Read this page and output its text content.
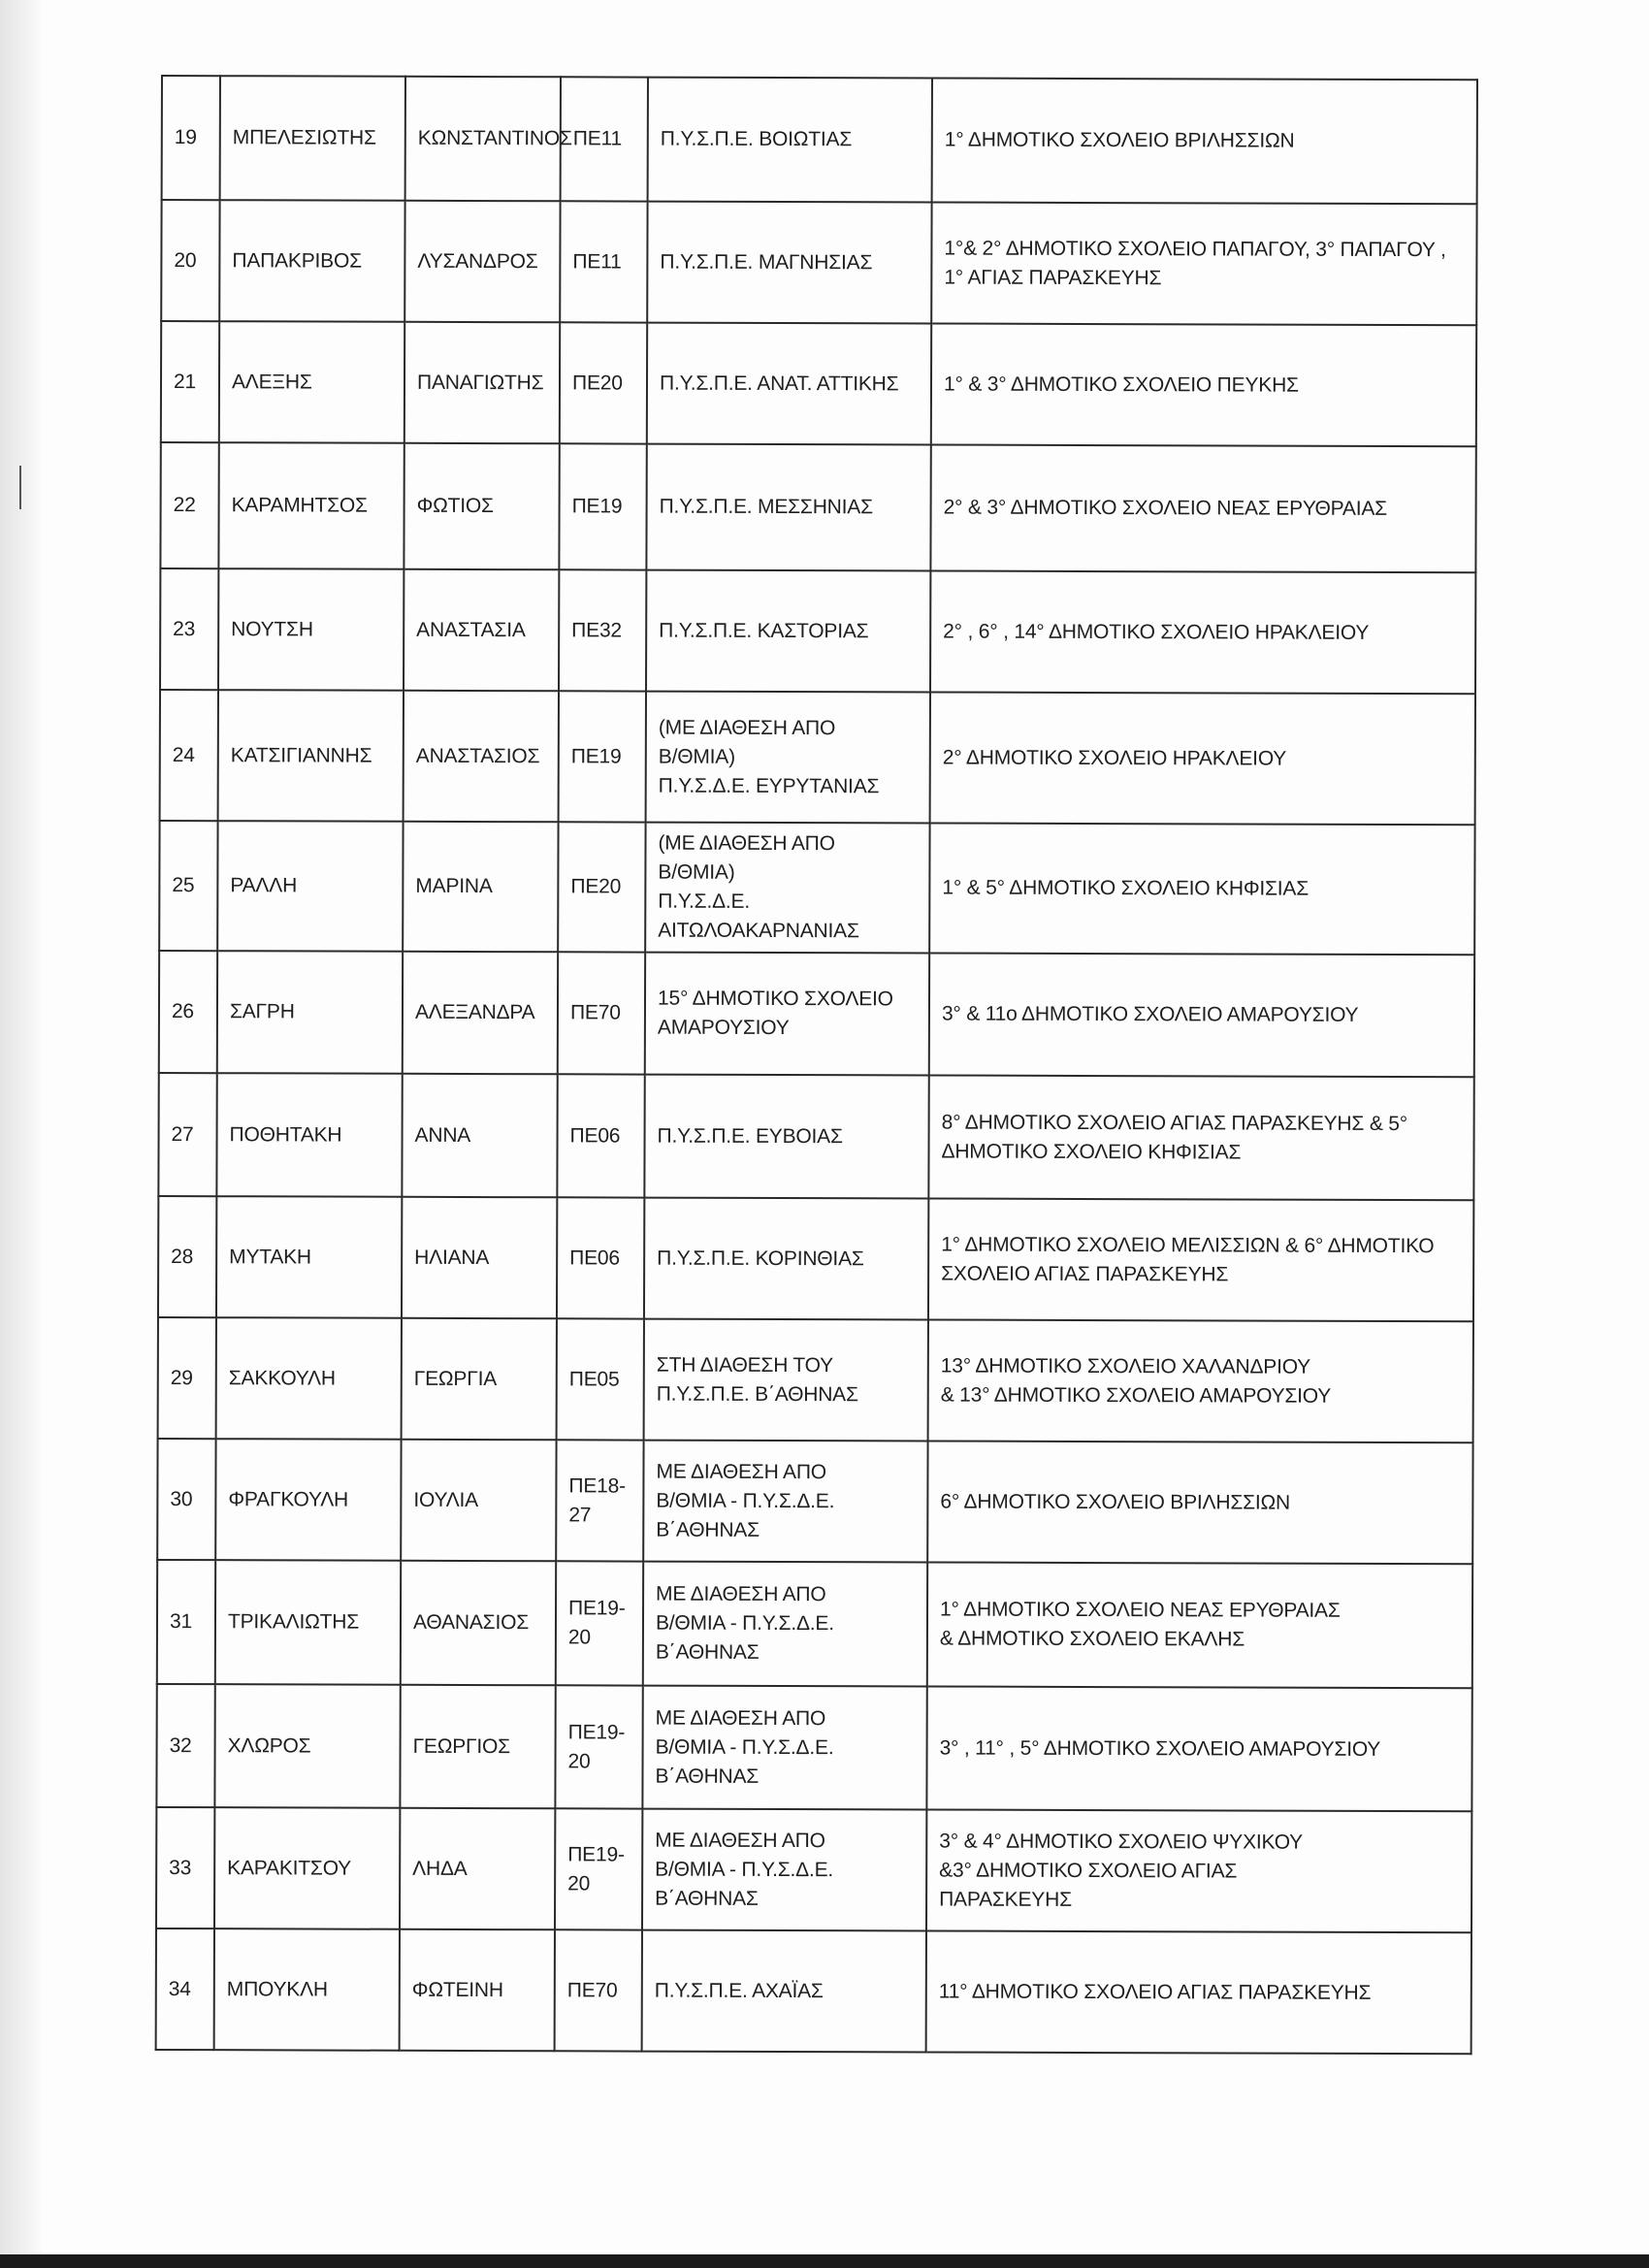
19	ΜΠΕΛΕΣΙΩΤΗΣ	ΚΩΝΣΤΑΝΤΙΝΟΣ	ΠΕ11	Π.Υ.Σ.Π.Ε. ΒΟΙΩΤΙΑΣ	1° ΔΗΜΟΤΙΚΟ ΣΧΟΛΕΙΟ ΒΡΙΛΗΣΣΙΩΝ
20	ΠΑΠΑΚΡΙΒΟΣ	ΛΥΣΑΝΔΡΟΣ	ΠΕ11	Π.Υ.Σ.Π.Ε. ΜΑΓΝΗΣΙΑΣ	1°& 2° ΔΗΜΟΤΙΚΟ ΣΧΟΛΕΙΟ ΠΑΠΑΓΟΥ, 3° ΠΑΠΑΓΟΥ , 1° ΑΓΙΑΣ ΠΑΡΑΣΚΕΥΗΣ
21	ΑΛΕΞΗΣ	ΠΑΝΑΓΙΩΤΗΣ	ΠΕ20	Π.Υ.Σ.Π.Ε. ΑΝΑΤ. ΑΤΤΙΚΗΣ	1° & 3° ΔΗΜΟΤΙΚΟ ΣΧΟΛΕΙΟ ΠΕΥΚΗΣ
22	ΚΑΡΑΜΗΤΣΟΣ	ΦΩΤΙΟΣ	ΠΕ19	Π.Υ.Σ.Π.Ε. ΜΕΣΣΗΝΙΑΣ	2° & 3° ΔΗΜΟΤΙΚΟ ΣΧΟΛΕΙΟ ΝΕΑΣ ΕΡΥΘΡΑΙΑΣ
23	ΝΟΥΤΣΗ	ΑΝΑΣΤΑΣΙΑ	ΠΕ32	Π.Υ.Σ.Π.Ε. ΚΑΣΤΟΡΙΑΣ	2° , 6° , 14° ΔΗΜΟΤΙΚΟ ΣΧΟΛΕΙΟ ΗΡΑΚΛΕΙΟΥ
24	ΚΑΤΣΙΓΙΑΝΝΗΣ	ΑΝΑΣΤΑΣΙΟΣ	ΠΕ19	(ΜΕ ΔΙΑΘΕΣΗ ΑΠΟ
Β/ΘΜΙΑ)
Π.Υ.Σ.Δ.Ε. ΕΥΡΥΤΑΝΙΑΣ	2° ΔΗΜΟΤΙΚΟ ΣΧΟΛΕΙΟ ΗΡΑΚΛΕΙΟΥ
25	ΡΑΛΛΗ	ΜΑΡΙΝΑ	ΠΕ20	(ΜΕ ΔΙΑΘΕΣΗ ΑΠΟ
Β/ΘΜΙΑ)
Π.Υ.Σ.Δ.Ε.
ΑΙΤΩΛΟΑΚΑΡΝΑΝΙΑΣ	1° & 5° ΔΗΜΟΤΙΚΟ ΣΧΟΛΕΙΟ ΚΗΦΙΣΙΑΣ
26	ΣΑΓΡΗ	ΑΛΕΞΑΝΔΡΑ	ΠΕ70	15° ΔΗΜΟΤΙΚΟ ΣΧΟΛΕΙΟ
ΑΜΑΡΟΥΣΙΟΥ	3° & 11ο ΔΗΜΟΤΙΚΟ ΣΧΟΛΕΙΟ ΑΜΑΡΟΥΣΙΟΥ
27	ΠΟΘΗΤΑΚΗ	ΑΝΝΑ	ΠΕ06	Π.Υ.Σ.Π.Ε. ΕΥΒΟΙΑΣ	8° ΔΗΜΟΤΙΚΟ ΣΧΟΛΕΙΟ ΑΓΙΑΣ ΠΑΡΑΣΚΕΥΗΣ & 5° ΔΗΜΟΤΙΚΟ ΣΧΟΛΕΙΟ ΚΗΦΙΣΙΑΣ
28	ΜΥΤΑΚΗ	ΗΛΙΑΝΑ	ΠΕ06	Π.Υ.Σ.Π.Ε. ΚΟΡΙΝΘΙΑΣ	1° ΔΗΜΟΤΙΚΟ ΣΧΟΛΕΙΟ ΜΕΛΙΣΣΙΩΝ & 6° ΔΗΜΟΤΙΚΟ ΣΧΟΛΕΙΟ ΑΓΙΑΣ ΠΑΡΑΣΚΕΥΗΣ
29	ΣΑΚΚΟΥΛΗ	ΓΕΩΡΓΙΑ	ΠΕ05	ΣΤΗ ΔΙΑΘΕΣΗ ΤΟΥ
Π.Υ.Σ.Π.Ε. Β΄ΑΘΗΝΑΣ	13° ΔΗΜΟΤΙΚΟ ΣΧΟΛΕΙΟ ΧΑΛΑΝΔΡΙΟΥ
& 13° ΔΗΜΟΤΙΚΟ ΣΧΟΛΕΙΟ ΑΜΑΡΟΥΣΙΟΥ
30	ΦΡΑΓΚΟΥΛΗ	ΙΟΥΛΙΑ	ΠΕ18-27	ΜΕ ΔΙΑΘΕΣΗ ΑΠΟ
Β/ΘΜΙΑ - Π.Υ.Σ.Δ.Ε.
Β΄ΑΘΗΝΑΣ	6° ΔΗΜΟΤΙΚΟ ΣΧΟΛΕΙΟ ΒΡΙΛΗΣΣΙΩΝ
31	ΤΡΙΚΑΛΙΩΤΗΣ	ΑΘΑΝΑΣΙΟΣ	ΠΕ19-20	ΜΕ ΔΙΑΘΕΣΗ ΑΠΟ
Β/ΘΜΙΑ - Π.Υ.Σ.Δ.Ε.
Β΄ΑΘΗΝΑΣ	1° ΔΗΜΟΤΙΚΟ ΣΧΟΛΕΙΟ ΝΕΑΣ ΕΡΥΘΡΑΙΑΣ
& ΔΗΜΟΤΙΚΟ ΣΧΟΛΕΙΟ ΕΚΑΛΗΣ
32	ΧΛΩΡΟΣ	ΓΕΩΡΓΙΟΣ	ΠΕ19-20	ΜΕ ΔΙΑΘΕΣΗ ΑΠΟ
Β/ΘΜΙΑ - Π.Υ.Σ.Δ.Ε.
Β΄ΑΘΗΝΑΣ	3° , 11° , 5° ΔΗΜΟΤΙΚΟ ΣΧΟΛΕΙΟ ΑΜΑΡΟΥΣΙΟΥ
33	ΚΑΡΑΚΙΤΣΟΥ	ΛΗΔΑ	ΠΕ19-20	ΜΕ ΔΙΑΘΕΣΗ ΑΠΟ
Β/ΘΜΙΑ - Π.Υ.Σ.Δ.Ε.
Β΄ΑΘΗΝΑΣ	3° & 4° ΔΗΜΟΤΙΚΟ ΣΧΟΛΕΙΟ ΨΥΧΙΚΟΥ
&3° ΔΗΜΟΤΙΚΟ ΣΧΟΛΕΙΟ ΑΓΙΑΣ
ΠΑΡΑΣΚΕΥΗΣ
34	ΜΠΟΥΚΛΗ	ΦΩΤΕΙΝΗ	ΠΕ70	Π.Υ.Σ.Π.Ε. ΑΧΑΪΑΣ	11° ΔΗΜΟΤΙΚΟ ΣΧΟΛΕΙΟ ΑΓΙΑΣ ΠΑΡΑΣΚΕΥΗΣ
